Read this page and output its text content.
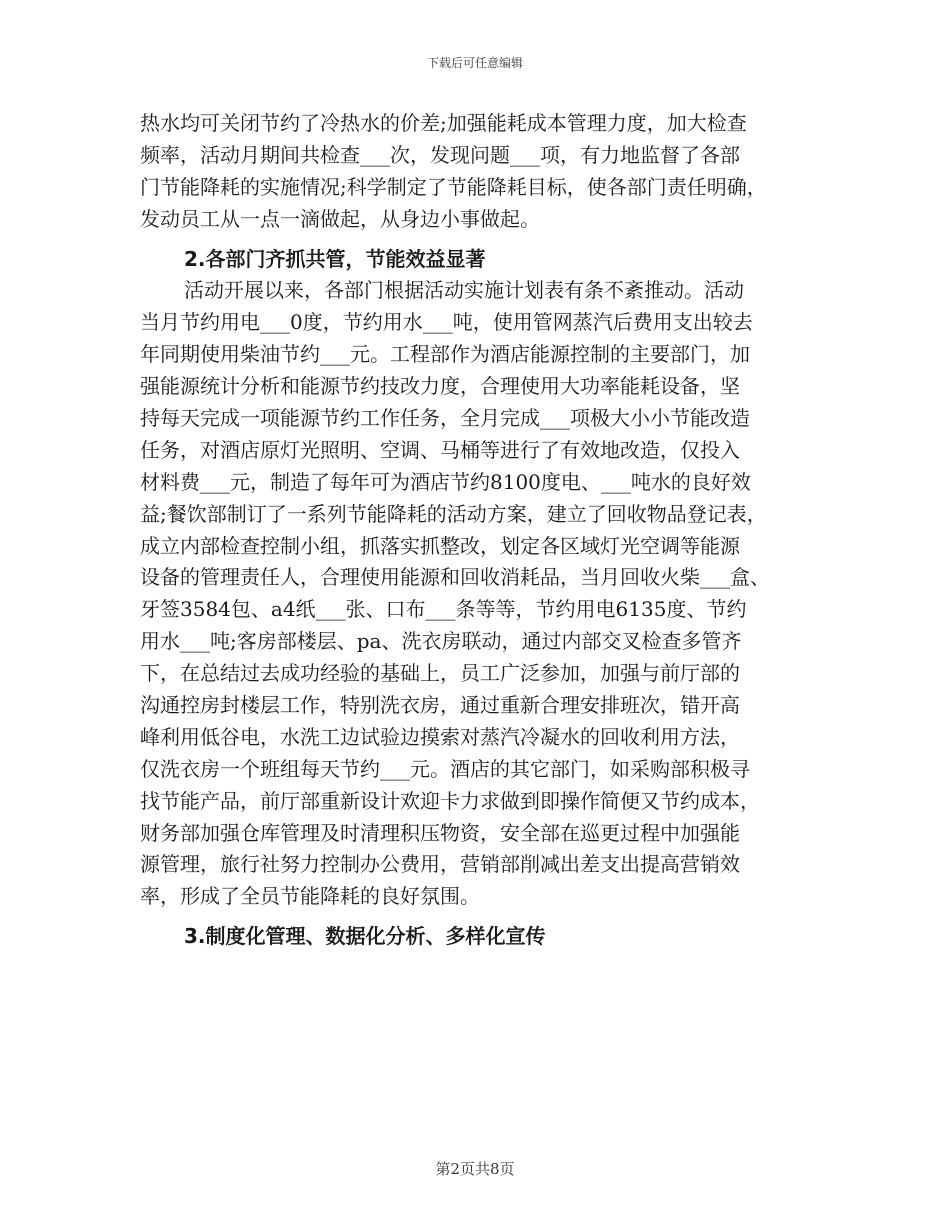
下载后可任意编辑
热水均可关闭节约了冷热水的价差;加强能耗成本管理力度，加大检查
频率，活动月期间共检查___次，发现问题___项，有力地监督了各部
门节能降耗的实施情况;科学制定了节能降耗目标，使各部门责任明确，
发动员工从一点一滴做起，从身边小事做起。
2.各部门齐抓共管，节能效益显著
活动开展以来，各部门根据活动实施计划表有条不紊推动。活动
当月节约用电___0度，节约用水___吨，使用管网蒸汽后费用支出较去
年同期使用柴油节约___元。工程部作为酒店能源控制的主要部门，加
强能源统计分析和能源节约技改力度，合理使用大功率能耗设备，坚
持每天完成一项能源节约工作任务，全月完成___项极大小小节能改造
任务，对酒店原灯光照明、空调、马桶等进行了有效地改造，仅投入
材料费___元，制造了每年可为酒店节约8100度电、___吨水的良好效
益;餐饮部制订了一系列节能降耗的活动方案，建立了回收物品登记表，
成立内部检查控制小组，抓落实抓整改，划定各区域灯光空调等能源
设备的管理责任人，合理使用能源和回收消耗品，当月回收火柴___盒、
牙签3584包、a4纸___张、口布___条等等，节约用电6135度、节约
用水___吨;客房部楼层、pa、洗衣房联动，通过内部交叉检查多管齐
下，在总结过去成功经验的基础上，员工广泛参加，加强与前厅部的
沟通控房封楼层工作，特别洗衣房，通过重新合理安排班次，错开高
峰利用低谷电，水洗工边试验边摸索对蒸汽冷凝水的回收利用方法，
仅洗衣房一个班组每天节约___元。酒店的其它部门，如采购部积极寻
找节能产品，前厅部重新设计欢迎卡力求做到即操作简便又节约成本，
财务部加强仓库管理及时清理积压物资，安全部在巡更过程中加强能
源管理，旅行社努力控制办公费用，营销部削减出差支出提高营销效
率，形成了全员节能降耗的良好氛围。
3.制度化管理、数据化分析、多样化宣传
第2页共8页
